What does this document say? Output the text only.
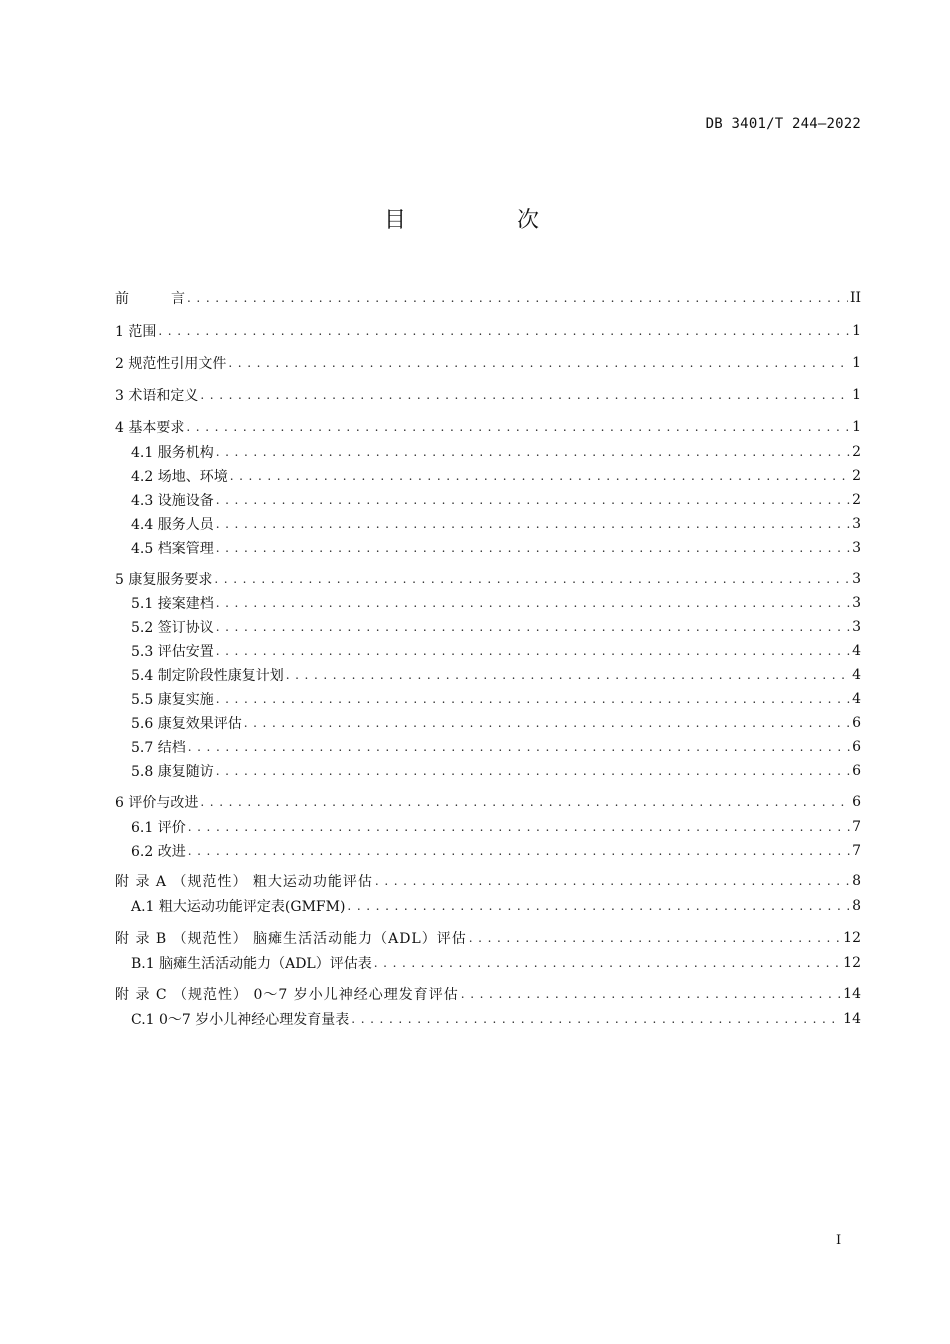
DB 3401/T 244—2022
目 次
前	言 .....	II
1 范围 .....	1
2 规范性引用文件 .....	1
3 术语和定义 .....	1
4 基本要求 .....	1
4.1 服务机构 .....	2
4.2 场地、环境 .....	2
4.3 设施设备 .....	2
4.4 服务人员 .....	3
4.5 档案管理 .....	3
5 康复服务要求 .....	3
5.1 接案建档 .....	3
5.2 签订协议 .....	3
5.3 评估安置 .....	4
5.4 制定阶段性康复计划 .....	4
5.5 康复实施 .....	4
5.6 康复效果评估 .....	6
5.7 结档 .....	6
5.8 康复随访 .....	6
6 评价与改进 .....	6
6.1 评价 .....	7
6.2 改进 .....	7
附 录 A （规范性） 粗大运动功能评估 .....	8
A.1 粗大运动功能评定表(GMFM) .....	8
附 录 B （规范性） 脑瘫生活活动能力（ADL）评估 .....	12
B.1 脑瘫生活活动能力（ADL）评估表 .....	12
附 录 C （规范性） 0～7 岁小儿神经心理发育评估 .....	14
C.1 0～7 岁小儿神经心理发育量表 .....	14
I
